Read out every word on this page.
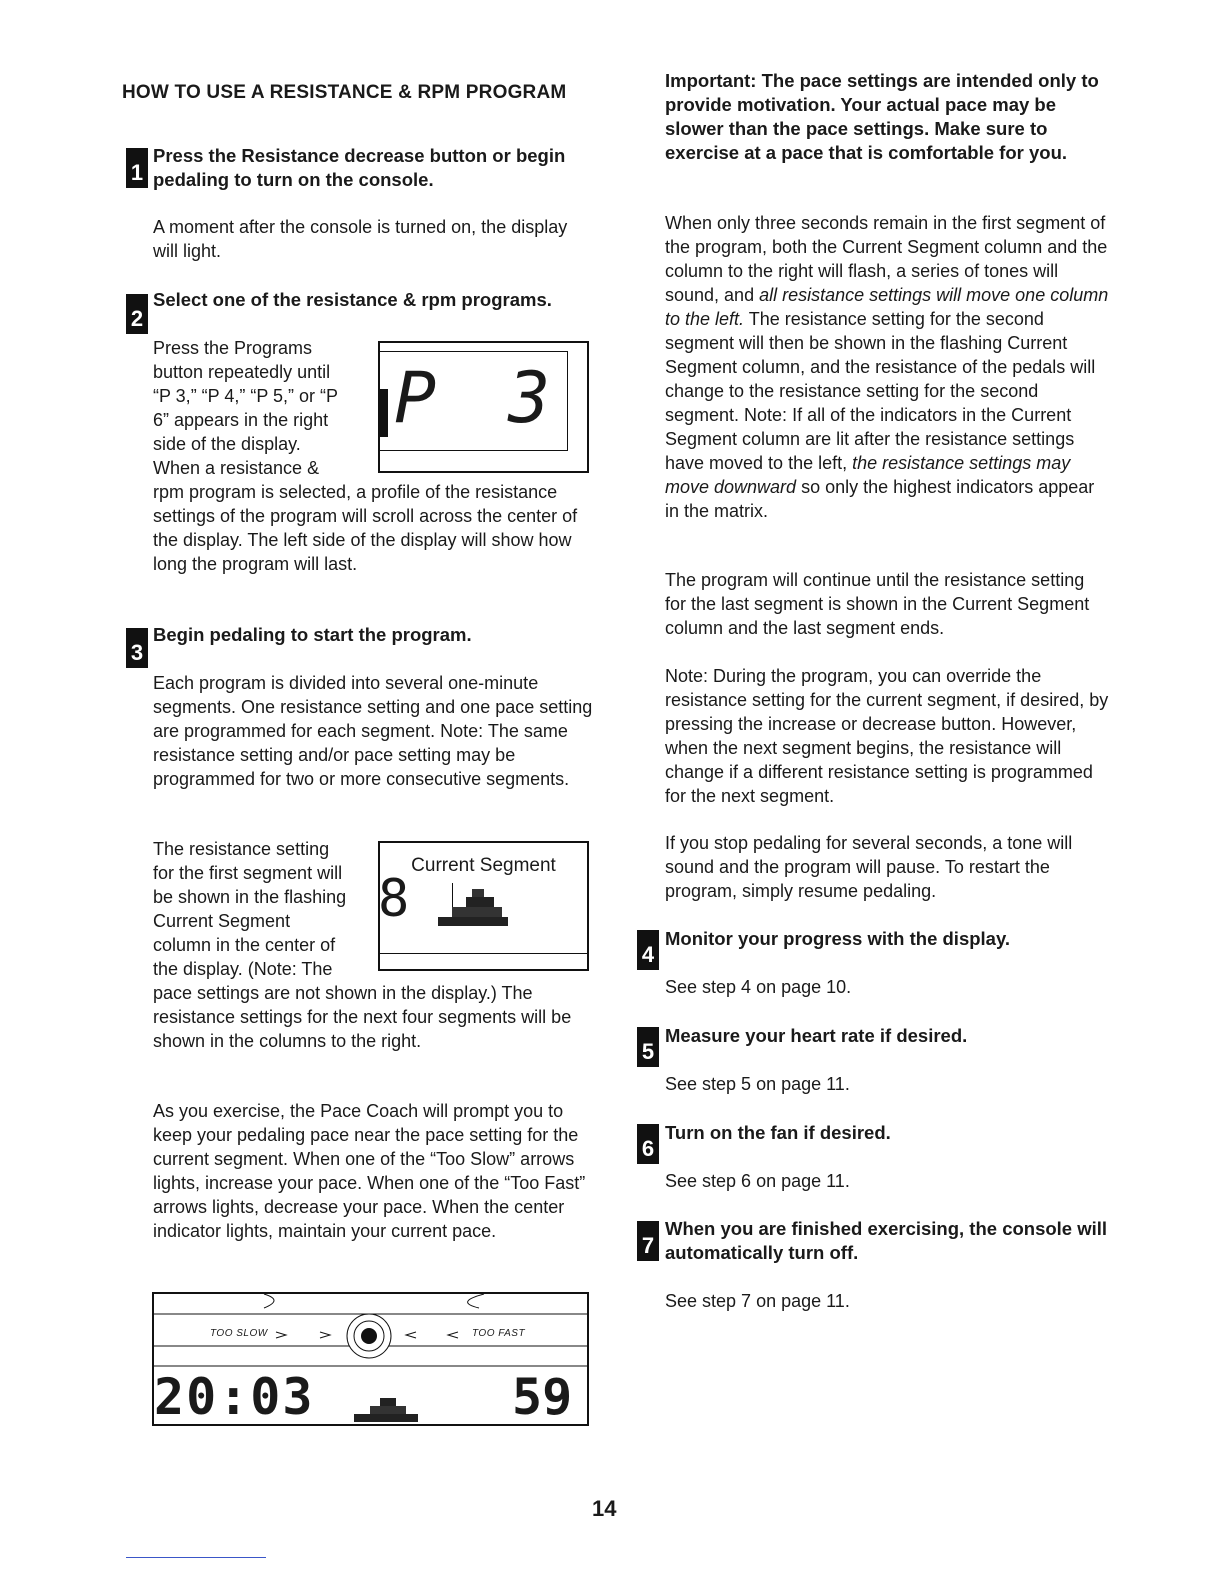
HOW TO USE A RESISTANCE & RPM PROGRAM
1
Press the Resistance decrease button or begin pedaling to turn on the console.
A moment after the console is turned on, the display will light.
2
Select one of the resistance & rpm programs.
Press the Programs button repeatedly until “P 3,” “P 4,” “P 5,” or “P 6” appears in the right side of the display. When a resistance & rpm program is selected, a profile of the resistance settings of the program will scroll across the center of the display. The left side of the display will show how long the program will last.
P 3
3
Begin pedaling to start the program.
Each program is divided into several one-minute segments. One resistance setting and one pace setting are programmed for each segment. Note: The same resistance setting and/or pace setting may be programmed for two or more consecutive segments.
The resistance setting for the first segment will be shown in the flashing Current Segment column in the center of the display. (Note: The pace settings are not shown in the display.) The resistance settings for the next four segments will be shown in the columns to the right.
Current Segment
8
As you exercise, the Pace Coach will prompt you to keep your pedaling pace near the pace setting for the current segment. When one of the “Too Slow” arrows lights, increase your pace. When one of the “Too Fast” arrows lights, decrease your pace. When the center indicator lights, maintain your current pace.
TOO SLOW	TOO FAST
20:03	59
Important: The pace settings are intended only to provide motivation. Your actual pace may be slower than the pace settings. Make sure to exercise at a pace that is comfortable for you.
When only three seconds remain in the first segment of the program, both the Current Segment column and the column to the right will flash, a series of tones will sound, and all resistance settings will move one column to the left. The resistance setting for the second segment will then be shown in the flashing Current Segment column, and the resistance of the pedals will change to the resistance setting for the second segment. Note: If all of the indicators in the Current Segment column are lit after the resistance settings have moved to the left, the resistance settings may move downward so only the highest indicators appear in the matrix.
The program will continue until the resistance setting for the last segment is shown in the Current Segment column and the last segment ends.
Note: During the program, you can override the resistance setting for the current segment, if desired, by pressing the increase or decrease button. However, when the next segment begins, the resistance will change if a different resistance setting is programmed for the next segment.
If you stop pedaling for several seconds, a tone will sound and the program will pause. To restart the program, simply resume pedaling.
4
Monitor your progress with the display.
See step 4 on page 10.
5
Measure your heart rate if desired.
See step 5 on page 11.
6
Turn on the fan if desired.
See step 6 on page 11.
7
When you are finished exercising, the console will automatically turn off.
See step 7 on page 11.
14
